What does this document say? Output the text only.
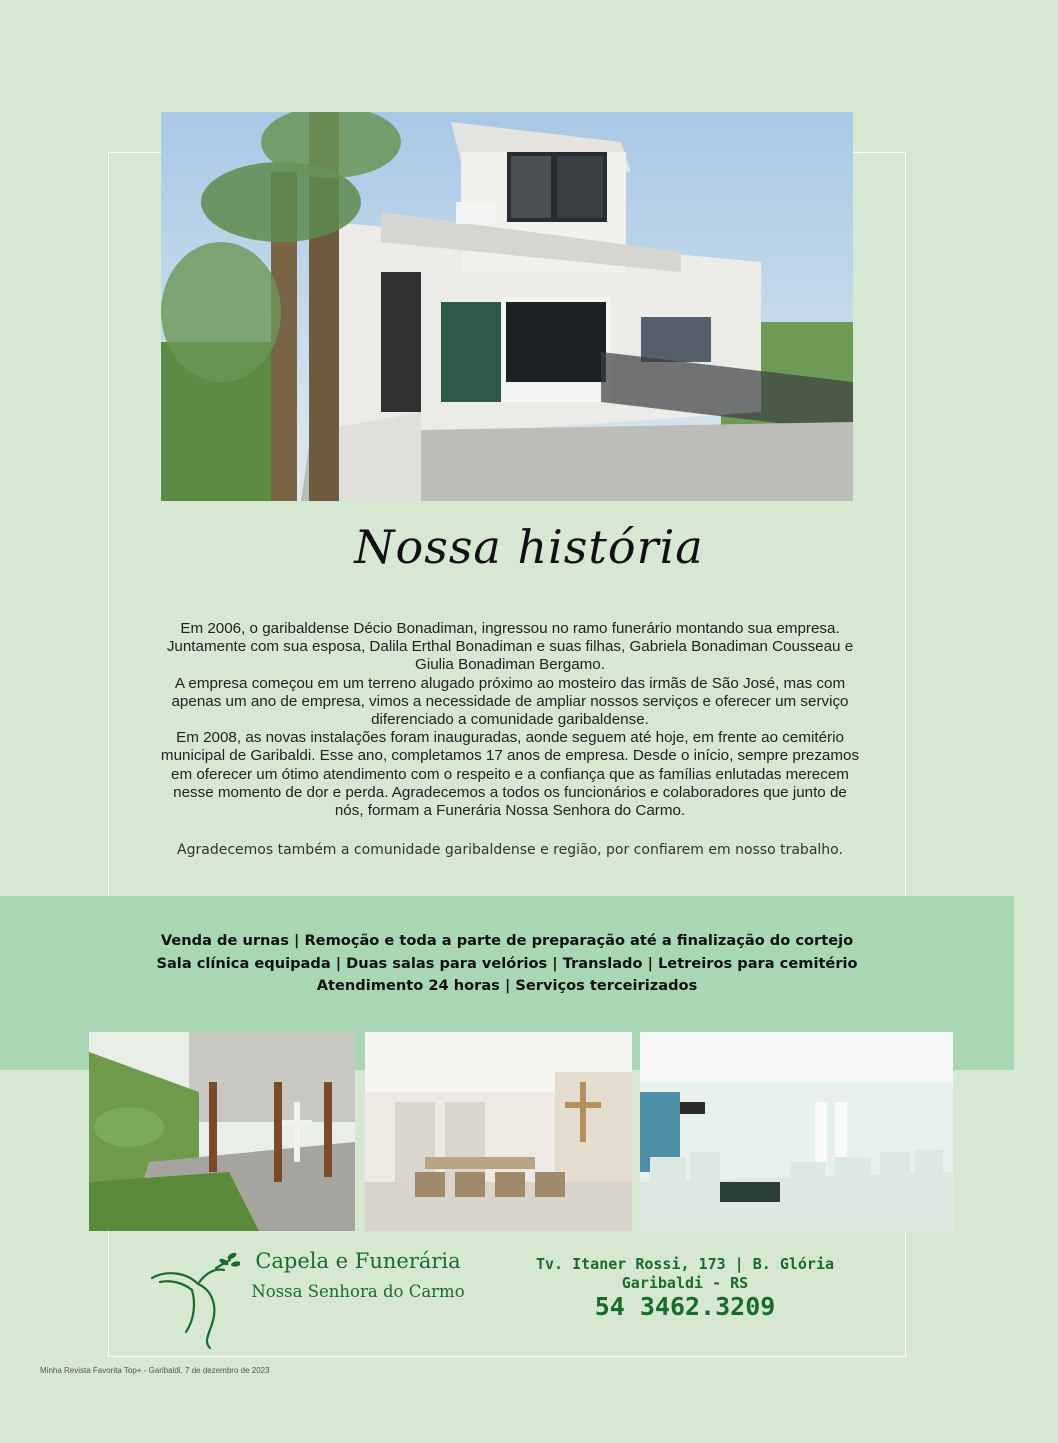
Nossa história

Em 2006, o garibaldense Décio Bonadiman, ingressou no ramo funerário montando sua empresa. Juntamente com sua esposa, Dalila Erthal Bonadiman e suas filhas, Gabriela Bonadiman Cousseau e Giulia Bonadiman Bergamo.

A empresa começou em um terreno alugado próximo ao mosteiro das irmãs de São José, mas com apenas um ano de empresa, vimos a necessidade de ampliar nossos serviços e oferecer um serviço diferenciado a comunidade garibaldense.

Em 2008, as novas instalações foram inauguradas, aonde seguem até hoje, em frente ao cemitério municipal de Garibaldi. Esse ano, completamos 17 anos de empresa. Desde o início, sempre prezamos em oferecer um ótimo atendimento com o respeito e a confiança que as famílias enlutadas merecem nesse momento de dor e perda. Agradecemos a todos os funcionários e colaboradores que junto de nós, formam a Funerária Nossa Senhora do Carmo.

Agradecemos também a comunidade garibaldense e região, por confiarem em nosso trabalho.
Venda de urnas | Remoção e toda a parte de preparação até a finalização do cortejo
Sala clínica equipada | Duas salas para velórios | Translado | Letreiros para cemitério
Atendimento 24 horas | Serviços terceirizados
Capela e Funerária
Nossa Senhora do Carmo
Tv. Itaner Rossi, 173 | B. Glória
Garibaldi - RS
54 3462.3209
Minha Revista Favorita Top+ - Garibaldi, 7 de dezembro de 2023
